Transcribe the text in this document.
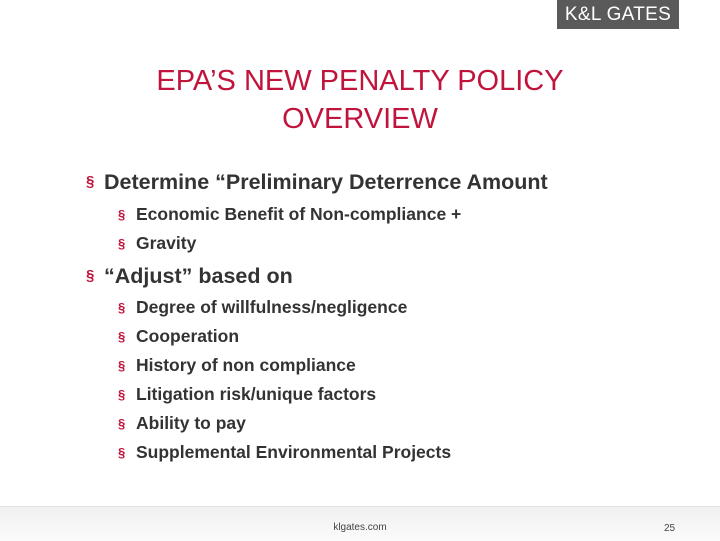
K&L GATES
EPA’S NEW PENALTY POLICY
OVERVIEW
§ Determine “Preliminary Deterrence Amount
§ Economic Benefit of Non-compliance +
§ Gravity
§ “Adjust” based on
§ Degree of willfulness/negligence
§ Cooperation
§ History of non compliance
§ Litigation risk/unique factors
§ Ability to pay
§ Supplemental Environmental Projects
klgates.com	25
